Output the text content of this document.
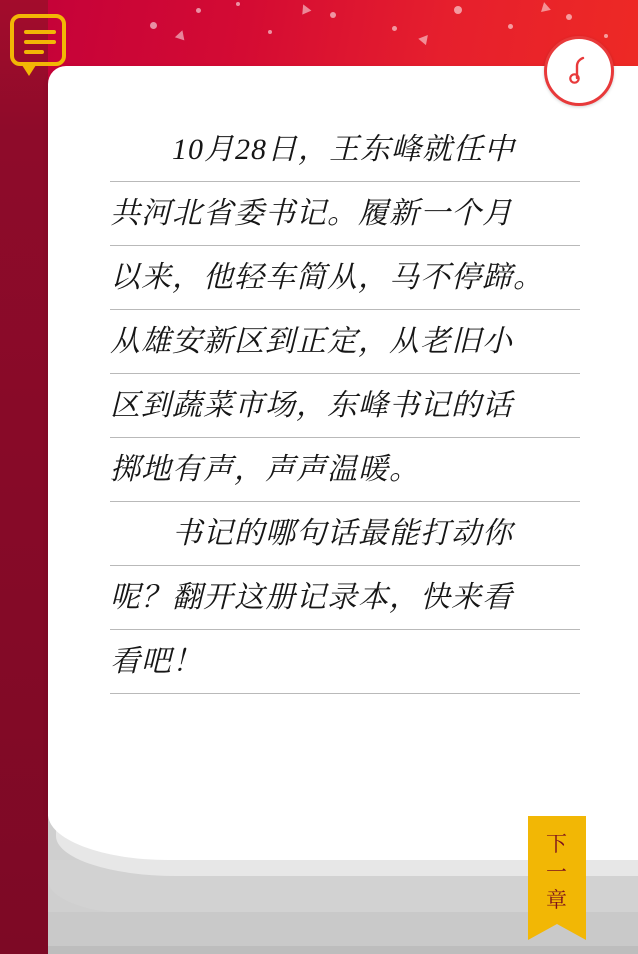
10月28日，王东峰就任中
共河北省委书记。履新一个月
以来，他轻车简从，马不停蹄。
从雄安新区到正定，从老旧小
区到蔬菜市场，东峰书记的话
掷地有声，声声温暖。
书记的哪句话最能打动你
呢？翻开这册记录本，快来看
看吧！
下
一
章
